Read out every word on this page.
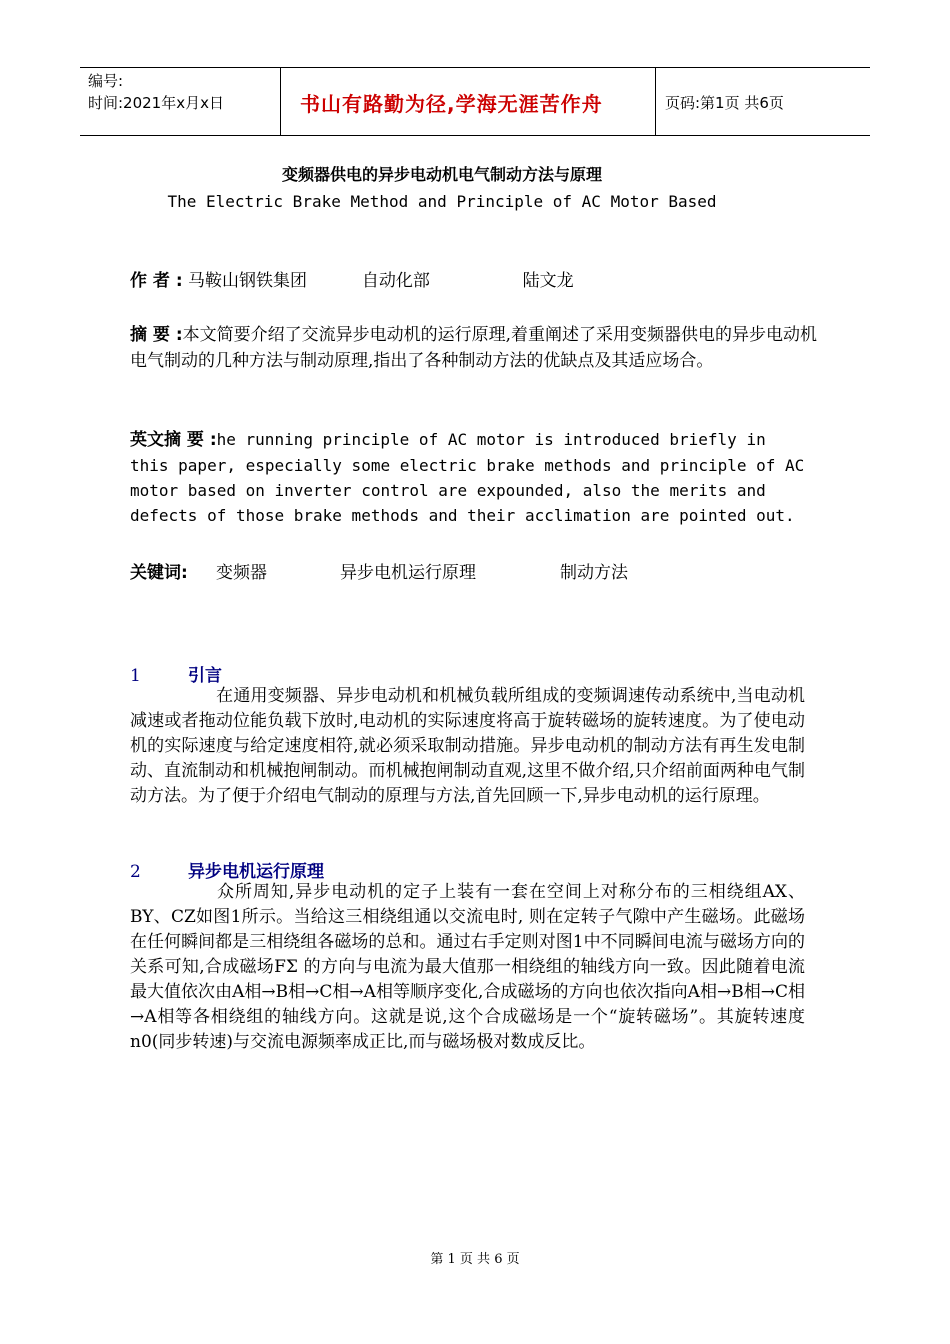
编号:
时间:2021年x月x日	书山有路勤为径,学海无涯苦作舟	页码:第1页 共6页
变频器供电的异步电动机电气制动方法与原理
The Electric Brake Method and Principle of AC Motor Based
作 者 : 马鞍山钢铁集团	自动化部	陆文龙
摘 要 :本文简要介绍了交流异步电动机的运行原理,着重阐述了采用变频器供电的异步电动机电气制动的几种方法与制动原理,指出了各种制动方法的优缺点及其适应场合。
英文摘 要 :he running principle of AC motor is introduced briefly in this paper, especially some electric brake methods and principle of AC motor based on inverter control are expounded, also the merits and defects of those brake methods and their acclimation are pointed out.
关键词: 变频器	异步电机运行原理	制动方法
1	引言
在通用变频器、异步电动机和机械负载所组成的变频调速传动系统中,当电动机减速或者拖动位能负载下放时,电动机的实际速度将高于旋转磁场的旋转速度。为了使电动机的实际速度与给定速度相符,就必须采取制动措施。异步电动机的制动方法有再生发电制动、直流制动和机械抱闸制动。而机械抱闸制动直观,这里不做介绍,只介绍前面两种电气制动方法。为了便于介绍电气制动的原理与方法,首先回顾一下,异步电动机的运行原理。
2	异步电机运行原理
众所周知,异步电动机的定子上装有一套在空间上对称分布的三相绕组AX、BY、CZ如图1所示。当给这三相绕组通以交流电时, 则在定转子气隙中产生磁场。此磁场在任何瞬间都是三相绕组各磁场的总和。通过右手定则对图1中不同瞬间电流与磁场方向的关系可知,合成磁场FΣ 的方向与电流为最大值那一相绕组的轴线方向一致。因此随着电流最大值依次由A相→B相→C相→A相等顺序变化,合成磁场的方向也依次指向A相→B相→C相→A相等各相绕组的轴线方向。这就是说,这个合成磁场是一个“旋转磁场”。其旋转速度n0(同步转速)与交流电源频率成正比,而与磁场极对数成反比。
第 1 页 共 6 页
